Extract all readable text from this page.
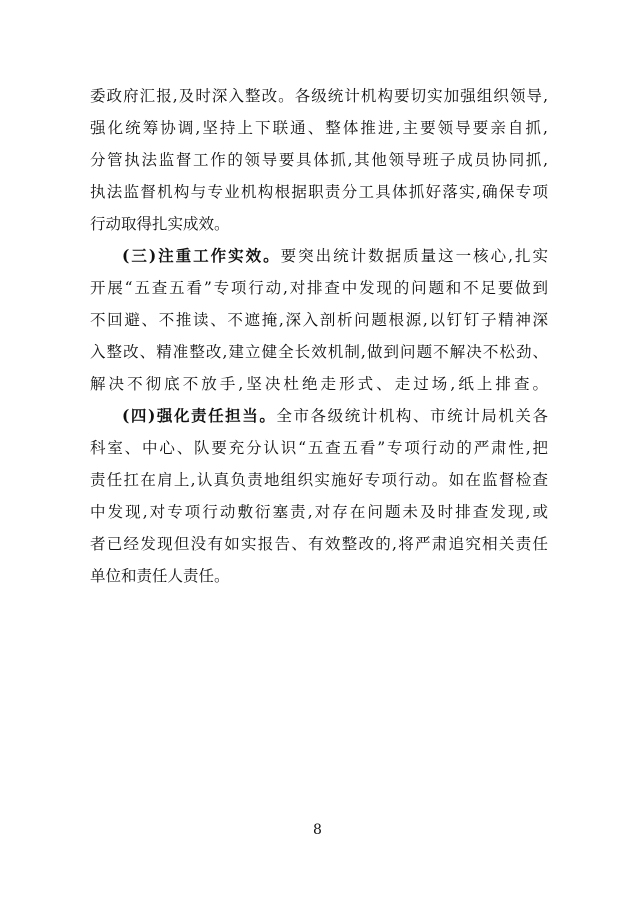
委政府汇报,及时深入整改。各级统计机构要切实加强组织领导,
强化统筹协调,坚持上下联通、整体推进,主要领导要亲自抓,
分管执法监督工作的领导要具体抓,其他领导班子成员协同抓,
执法监督机构与专业机构根据职责分工具体抓好落实,确保专项
行动取得扎实成效。
(三)注重工作实效。要突出统计数据质量这一核心,扎实
开展“五查五看”专项行动,对排查中发现的问题和不足要做到
不回避、不推读、不遮掩,深入剖析问题根源,以钉钉子精神深
入整改、精准整改,建立健全长效机制,做到问题不解决不松劲、
解决不彻底不放手,坚决杜绝走形式、走过场,纸上排查。
(四)强化责任担当。全市各级统计机构、市统计局机关各
科室、中心、队要充分认识“五查五看”专项行动的严肃性,把
责任扛在肩上,认真负责地组织实施好专项行动。如在监督检查
中发现,对专项行动敷衍塞责,对存在问题未及时排查发现,或
者已经发现但没有如实报告、有效整改的,将严肃追究相关责任
单位和责任人责任。
8
